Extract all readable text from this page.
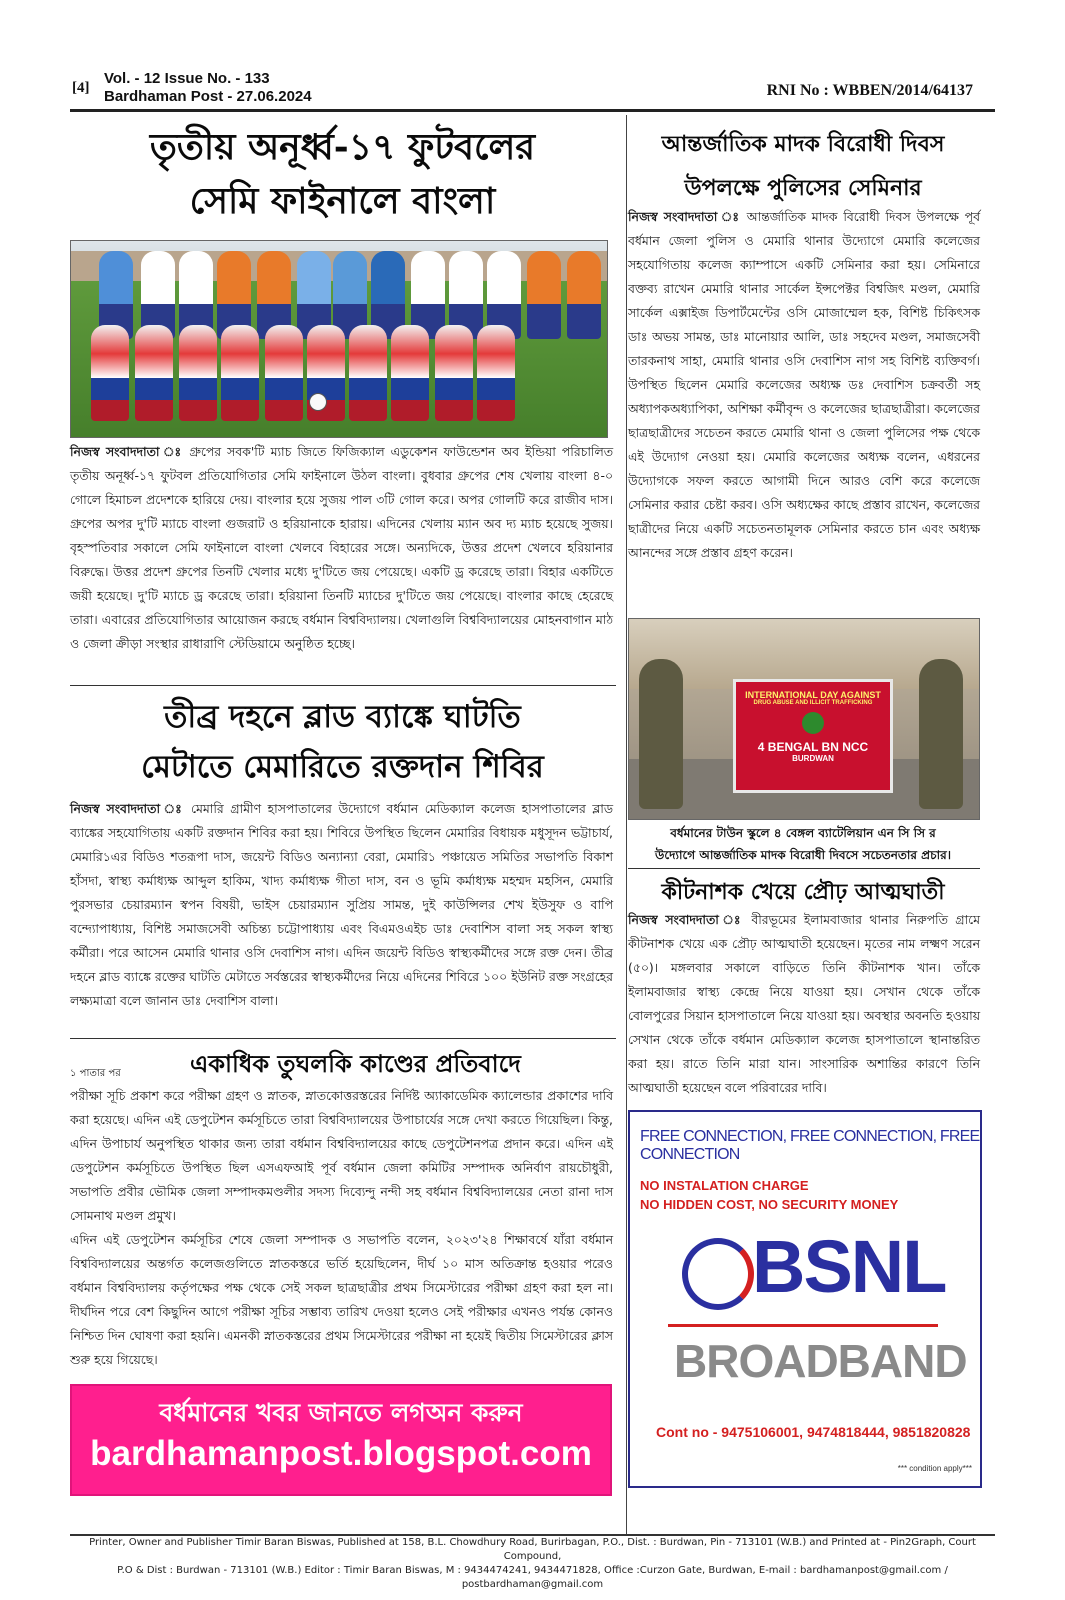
[4]
Vol. - 12 Issue No. - 133
Bardhaman Post - 27.06.2024	RNI No : WBBEN/2014/64137
তৃতীয় অনূর্ধ্ব-১৭ ফুটবলের
সেমি ফাইনালে বাংলা
নিজস্ব সংবাদদাতা ঃ গ্রুপের সবক'টি ম্যাচ জিতে ফিজিক্যাল এডুকেশন ফাউন্ডেশন অব ইন্ডিয়া পরিচালিত তৃতীয় অনূর্ধ্ব-১৭ ফুটবল প্রতিযোগিতার সেমি ফাইনালে উঠল বাংলা। বুধবার গ্রুপের শেষ খেলায় বাংলা ৪-০ গোলে হিমাচল প্রদেশকে হারিয়ে দেয়। বাংলার হয়ে সুজয় পাল ৩টি গোল করে। অপর গোলটি করে রাজীব দাস। গ্রুপের অপর দু'টি ম্যাচে বাংলা গুজরাট ও হরিয়ানাকে হারায়। এদিনের খেলায় ম্যান অব দ্য ম্যাচ হয়েছে সুজয়। বৃহস্পতিবার সকালে সেমি ফাইনালে বাংলা খেলবে বিহারের সঙ্গে। অন্যদিকে, উত্তর প্রদেশ খেলবে হরিয়ানার বিরুদ্ধে। উত্তর প্রদেশ গ্রুপের তিনটি খেলার মধ্যে দু'টিতে জয় পেয়েছে। একটি ড্র করেছে তারা। বিহার একটিতে জয়ী হয়েছে। দু'টি ম্যাচে ড্র করেছে তারা। হরিয়ানা তিনটি ম্যাচের দু'টিতে জয় পেয়েছে। বাংলার কাছে হেরেছে তারা। এবারের প্রতিযোগিতার আয়োজন করছে বর্ধমান বিশ্ববিদ্যালয়। খেলাগুলি বিশ্ববিদ্যালয়ের মোহনবাগান মাঠ ও জেলা ক্রীড়া সংস্থার রাধারাণি স্টেডিয়ামে অনুষ্ঠিত হচ্ছে।
তীব্র দহনে ব্লাড ব্যাঙ্কে ঘাটতি
মেটাতে মেমারিতে রক্তদান শিবির
নিজস্ব সংবাদদাতা ঃ মেমারি গ্রামীণ হাসপাতালের উদ্যোগে বর্ধমান মেডিক্যাল কলেজ হাসপাতালের ব্লাড ব্যাঙ্কের সহযোগিতায় একটি রক্তদান শিবির করা হয়। শিবিরে উপস্থিত ছিলেন মেমারির বিধায়ক মধুসূদন ভট্টাচার্য, মেমারি১এর বিডিও শতরূপা দাস, জয়েন্ট বিডিও অন্যান্যা বেরা, মেমারি১ পঞ্চায়েত সমিতির সভাপতি বিকাশ হাঁসদা, স্বাস্থ্য কর্মাধ্যক্ষ আব্দুল হাকিম, খাদ্য কর্মাধ্যক্ষ গীতা দাস, বন ও ভূমি কর্মাধ্যক্ষ মহম্মদ মহসিন, মেমারি পুরসভার চেয়ারম্যান স্বপন বিষয়ী, ভাইস চেয়ারম্যান সুপ্রিয় সামন্ত, দুই কাউন্সিলর শেখ ইউসুফ ও বাপি বন্দ্যোপাধ্যায়, বিশিষ্ট সমাজসেবী অচিন্ত্য চট্টোপাধ্যায় এবং বিএমওএইচ ডাঃ দেবাশিস বালা সহ সকল স্বাস্থ্য কর্মীরা। পরে আসেন মেমারি থানার ওসি দেবাশিস নাগ। এদিন জয়েন্ট বিডিও স্বাস্থ্যকর্মীদের সঙ্গে রক্ত দেন। তীব্র দহনে ব্লাড ব্যাঙ্কে রক্তের ঘাটতি মেটাতে সর্বস্তরের স্বাস্থ্যকর্মীদের নিয়ে এদিনের শিবিরে ১০০ ইউনিট রক্ত সংগ্রহের লক্ষ্যমাত্রা বলে জানান ডাঃ দেবাশিস বালা।
১ পাতার পর	একাধিক তুঘলকি কাণ্ডের প্রতিবাদে
পরীক্ষা সূচি প্রকাশ করে পরীক্ষা গ্রহণ ও স্নাতক, স্নাতকোত্তরস্তরের নির্দিষ্ট অ্যাকাডেমিক ক্যালেন্ডার প্রকাশের দাবি করা হয়েছে। এদিন এই ডেপুটেশন কর্মসূচিতে তারা বিশ্ববিদ্যালয়ের উপাচার্যের সঙ্গে দেখা করতে গিয়েছিল। কিন্তু, এদিন উপাচার্য অনুপস্থিত থাকার জন্য তারা বর্ধমান বিশ্ববিদ্যালয়ের কাছে ডেপুটেশনপত্র প্রদান করে। এদিন এই ডেপুটেশন কর্মসূচিতে উপস্থিত ছিল এসএফআই পূর্ব বর্ধমান জেলা কমিটির সম্পাদক অনির্বাণ রায়চৌধুরী, সভাপতি প্রবীর ভৌমিক জেলা সম্পাদকমণ্ডলীর সদস্য দিব্যেন্দু নন্দী সহ বর্ধমান বিশ্ববিদ্যালয়ের নেতা রানা দাস সোমনাথ মণ্ডল প্রমুখ।
এদিন এই ডেপুটেশন কর্মসূচির শেষে জেলা সম্পাদক ও সভাপতি বলেন, ২০২৩'২৪ শিক্ষাবর্ষে যাঁরা বর্ধমান বিশ্ববিদ্যালয়ের অন্তর্গত কলেজগুলিতে স্নাতকস্তরে ভর্তি হয়েছিলেন, দীর্ঘ ১০ মাস অতিক্রান্ত হওয়ার পরেও বর্ধমান বিশ্ববিদ্যালয় কর্তৃপক্ষের পক্ষ থেকে সেই সকল ছাত্রছাত্রীর প্রথম সিমেস্টারের পরীক্ষা গ্রহণ করা হল না। দীর্ঘদিন পরে বেশ কিছুদিন আগে পরীক্ষা সূচির সম্ভাব্য তারিখ দেওয়া হলেও সেই পরীক্ষার এখনও পর্যন্ত কোনও নিশ্চিত দিন ঘোষণা করা হয়নি। এমনকী স্নাতকস্তরের প্রথম সিমেস্টারের পরীক্ষা না হয়েই দ্বিতীয় সিমেস্টারের ক্লাস শুরু হয়ে গিয়েছে।
বর্ধমানের খবর জানতে লগঅন করুন
bardhamanpost.blogspot.com
আন্তর্জাতিক মাদক বিরোধী দিবস
উপলক্ষে পুলিসের সেমিনার
নিজস্ব সংবাদদাতা ঃ আন্তর্জাতিক মাদক বিরোধী দিবস উপলক্ষে পূর্ব বর্ধমান জেলা পুলিস ও মেমারি থানার উদ্যোগে মেমারি কলেজের সহযোগিতায় কলেজ ক্যাম্পাসে একটি সেমিনার করা হয়। সেমিনারে বক্তব্য রাখেন মেমারি থানার সার্কেল ইন্সপেক্টর বিশ্বজিৎ মণ্ডল, মেমারি সার্কেল এক্সাইজ ডিপার্টমেন্টের ওসি মোজাম্মেল হক, বিশিষ্ট চিকিৎসক ডাঃ অভয় সামন্ত, ডাঃ মানোয়ার আলি, ডাঃ সহদেব মণ্ডল, সমাজসেবী তারকনাথ সাহা, মেমারি থানার ওসি দেবাশিস নাগ সহ বিশিষ্ট ব্যক্তিবর্গ। উপস্থিত ছিলেন মেমারি কলেজের অধ্যক্ষ ডঃ দেবাশিস চক্রবর্তী সহ অধ্যাপকঅধ্যাপিকা, অশিক্ষা কর্মীবৃন্দ ও কলেজের ছাত্রছাত্রীরা। কলেজের ছাত্রছাত্রীদের সচেতন করতে মেমারি থানা ও জেলা পুলিসের পক্ষ থেকে এই উদ্যোগ নেওয়া হয়। মেমারি কলেজের অধ্যক্ষ বলেন, এধরনের উদ্যোগকে সফল করতে আগামী দিনে আরও বেশি করে কলেজে সেমিনার করার চেষ্টা করব। ওসি অধ্যক্ষের কাছে প্রস্তাব রাখেন, কলেজের ছাত্রীদের নিয়ে একটি সচেতনতামূলক সেমিনার করতে চান এবং অধ্যক্ষ আনন্দের সঙ্গে প্রস্তাব গ্রহণ করেন।
INTERNATIONAL DAY AGAINST
DRUG ABUSE AND ILLICIT TRAFFICKING
4 BENGAL BN NCC
BURDWAN
বর্ধমানের টাউন স্কুলে ৪ বেঙ্গল ব্যাটেলিয়ান এন সি সি র
উদ্যোগে আন্তর্জাতিক মাদক বিরোধী দিবসে সচেতনতার প্রচার।
কীটনাশক খেয়ে প্রৌঢ় আত্মঘাতী
নিজস্ব সংবাদদাতা ঃ বীরভূমের ইলামবাজার থানার নিরুপতি গ্রামে কীটনাশক খেয়ে এক প্রৌঢ় আত্মঘাতী হয়েছেন। মৃতের নাম লক্ষ্মণ সরেন (৫০)। মঙ্গলবার সকালে বাড়িতে তিনি কীটনাশক খান। তাঁকে ইলামবাজার স্বাস্থ্য কেন্দ্রে নিয়ে যাওয়া হয়। সেখান থেকে তাঁকে বোলপুরের সিয়ান হাসপাতালে নিয়ে যাওয়া হয়। অবস্থার অবনতি হওয়ায় সেখান থেকে তাঁকে বর্ধমান মেডিক্যাল কলেজ হাসপাতালে স্থানান্তরিত করা হয়। রাতে তিনি মারা যান। সাংসারিক অশান্তির কারণে তিনি আত্মঘাতী হয়েছেন বলে পরিবারের দাবি।
FREE CONNECTION, FREE CONNECTION, FREE CONNECTION
NO INSTALATION CHARGE
NO HIDDEN COST, NO SECURITY MONEY
BSNL
BROADBAND
Cont no - 9475106001, 9474818444, 9851820828
*** condition apply***
Printer, Owner and Publisher Timir Baran Biswas, Published at 158, B.L. Chowdhury Road, Burirbagan, P.O., Dist. : Burdwan, Pin - 713101 (W.B.) and Printed at - Pin2Graph, Court Compound,
P.O & Dist : Burdwan - 713101 (W.B.) Editor : Timir Baran Biswas, M : 9434474241, 9434471828, Office :Curzon Gate, Burdwan, E-mail : bardhamanpost@gmail.com / postbardhaman@gmail.com
